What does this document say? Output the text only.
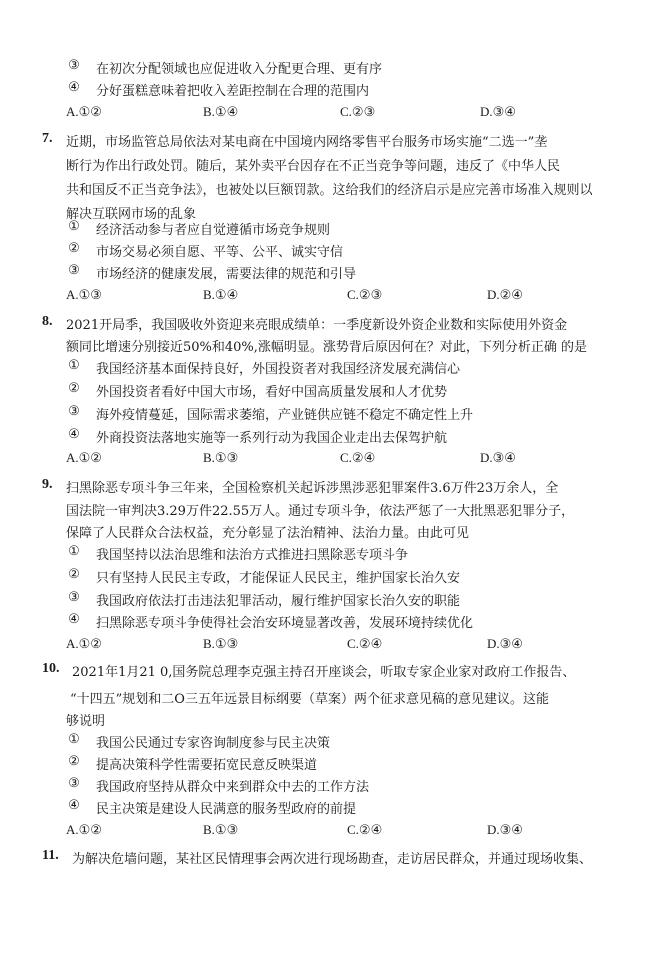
③ 在初次分配领域也应促进收入分配更合理、更有序
④ 分好蛋糕意味着把收入差距控制在合理的范围内
A.①②	B.①④	C.②③	D.③④
7. 近期，市场监管总局依法对某电商在中国境内网络零售平台服务市场实施“二选一”垄
断行为作出行政处罚。随后，某外卖平台因存在不正当竞争等问题，违反了《中华人民
共和国反不正当竞争法》，也被处以巨额罚款。这给我们的经济启示是应完善市场准入规则以
解决互联网市场的乱象
① 经济活动参与者应自觉遵循市场竞争规则
② 市场交易必须自愿、平等、公平、诚实守信
③ 市场经济的健康发展，需要法律的规范和引导
A.①③	B.①④	C.②③	D.②④
8. 2021开局季，我国吸收外资迎来亮眼成绩单：一季度新设外资企业数和实际使用外资金
额同比增速分别接近50%和40%,涨幅明显。涨势背后原因何在？对此，下列分析正确 的是
① 我国经济基本面保持良好，外国投资者对我国经济发展充满信心
② 外国投资者看好中国大市场，看好中国高质量发展和人才优势
③ 海外疫情蔓延，国际需求萎缩，产业链供应链不稳定不确定性上升
④ 外商投资法落地实施等一系列行动为我国企业走出去保驾护航
A.①②	B.①③	C.②④	D.③④
9. 扫黑除恶专项斗争三年来，全国检察机关起诉涉黑涉恶犯罪案件3.6万件23万余人，全
国法院一审判决3.29万件22.55万人。通过专项斗争，依法严惩了一大批黑恶犯罪分子，
保障了人民群众合法权益，充分彰显了法治精神、法治力量。由此可见
① 我国坚持以法治思维和法治方式推进扫黑除恶专项斗争
② 只有坚持人民民主专政，才能保证人民民主，维护国家长治久安
③ 我国政府依法打击违法犯罪活动，履行维护国家长治久安的职能
④ 扫黑除恶专项斗争使得社会治安环境显著改善，发展环境持续优化
A.①②	B.①③	C.②④	D.③④
10. 2021年1月21 0,国务院总理李克强主持召开座谈会，听取专家企业家对政府工作报告、
“十四五”规划和二O三五年远景目标纲要（草案）两个征求意见稿的意见建议。这能
够说明
① 我国公民通过专家咨询制度参与民主决策
② 提高决策科学性需要拓宽民意反映渠道
③ 我国政府坚持从群众中来到群众中去的工作方法
④ 民主决策是建设人民满意的服务型政府的前提
A.①②	B.①③	C.②④	D.③④
11. 为解决危墙问题，某社区民情理事会两次进行现场勘查，走访居民群众，并通过现场收集、
